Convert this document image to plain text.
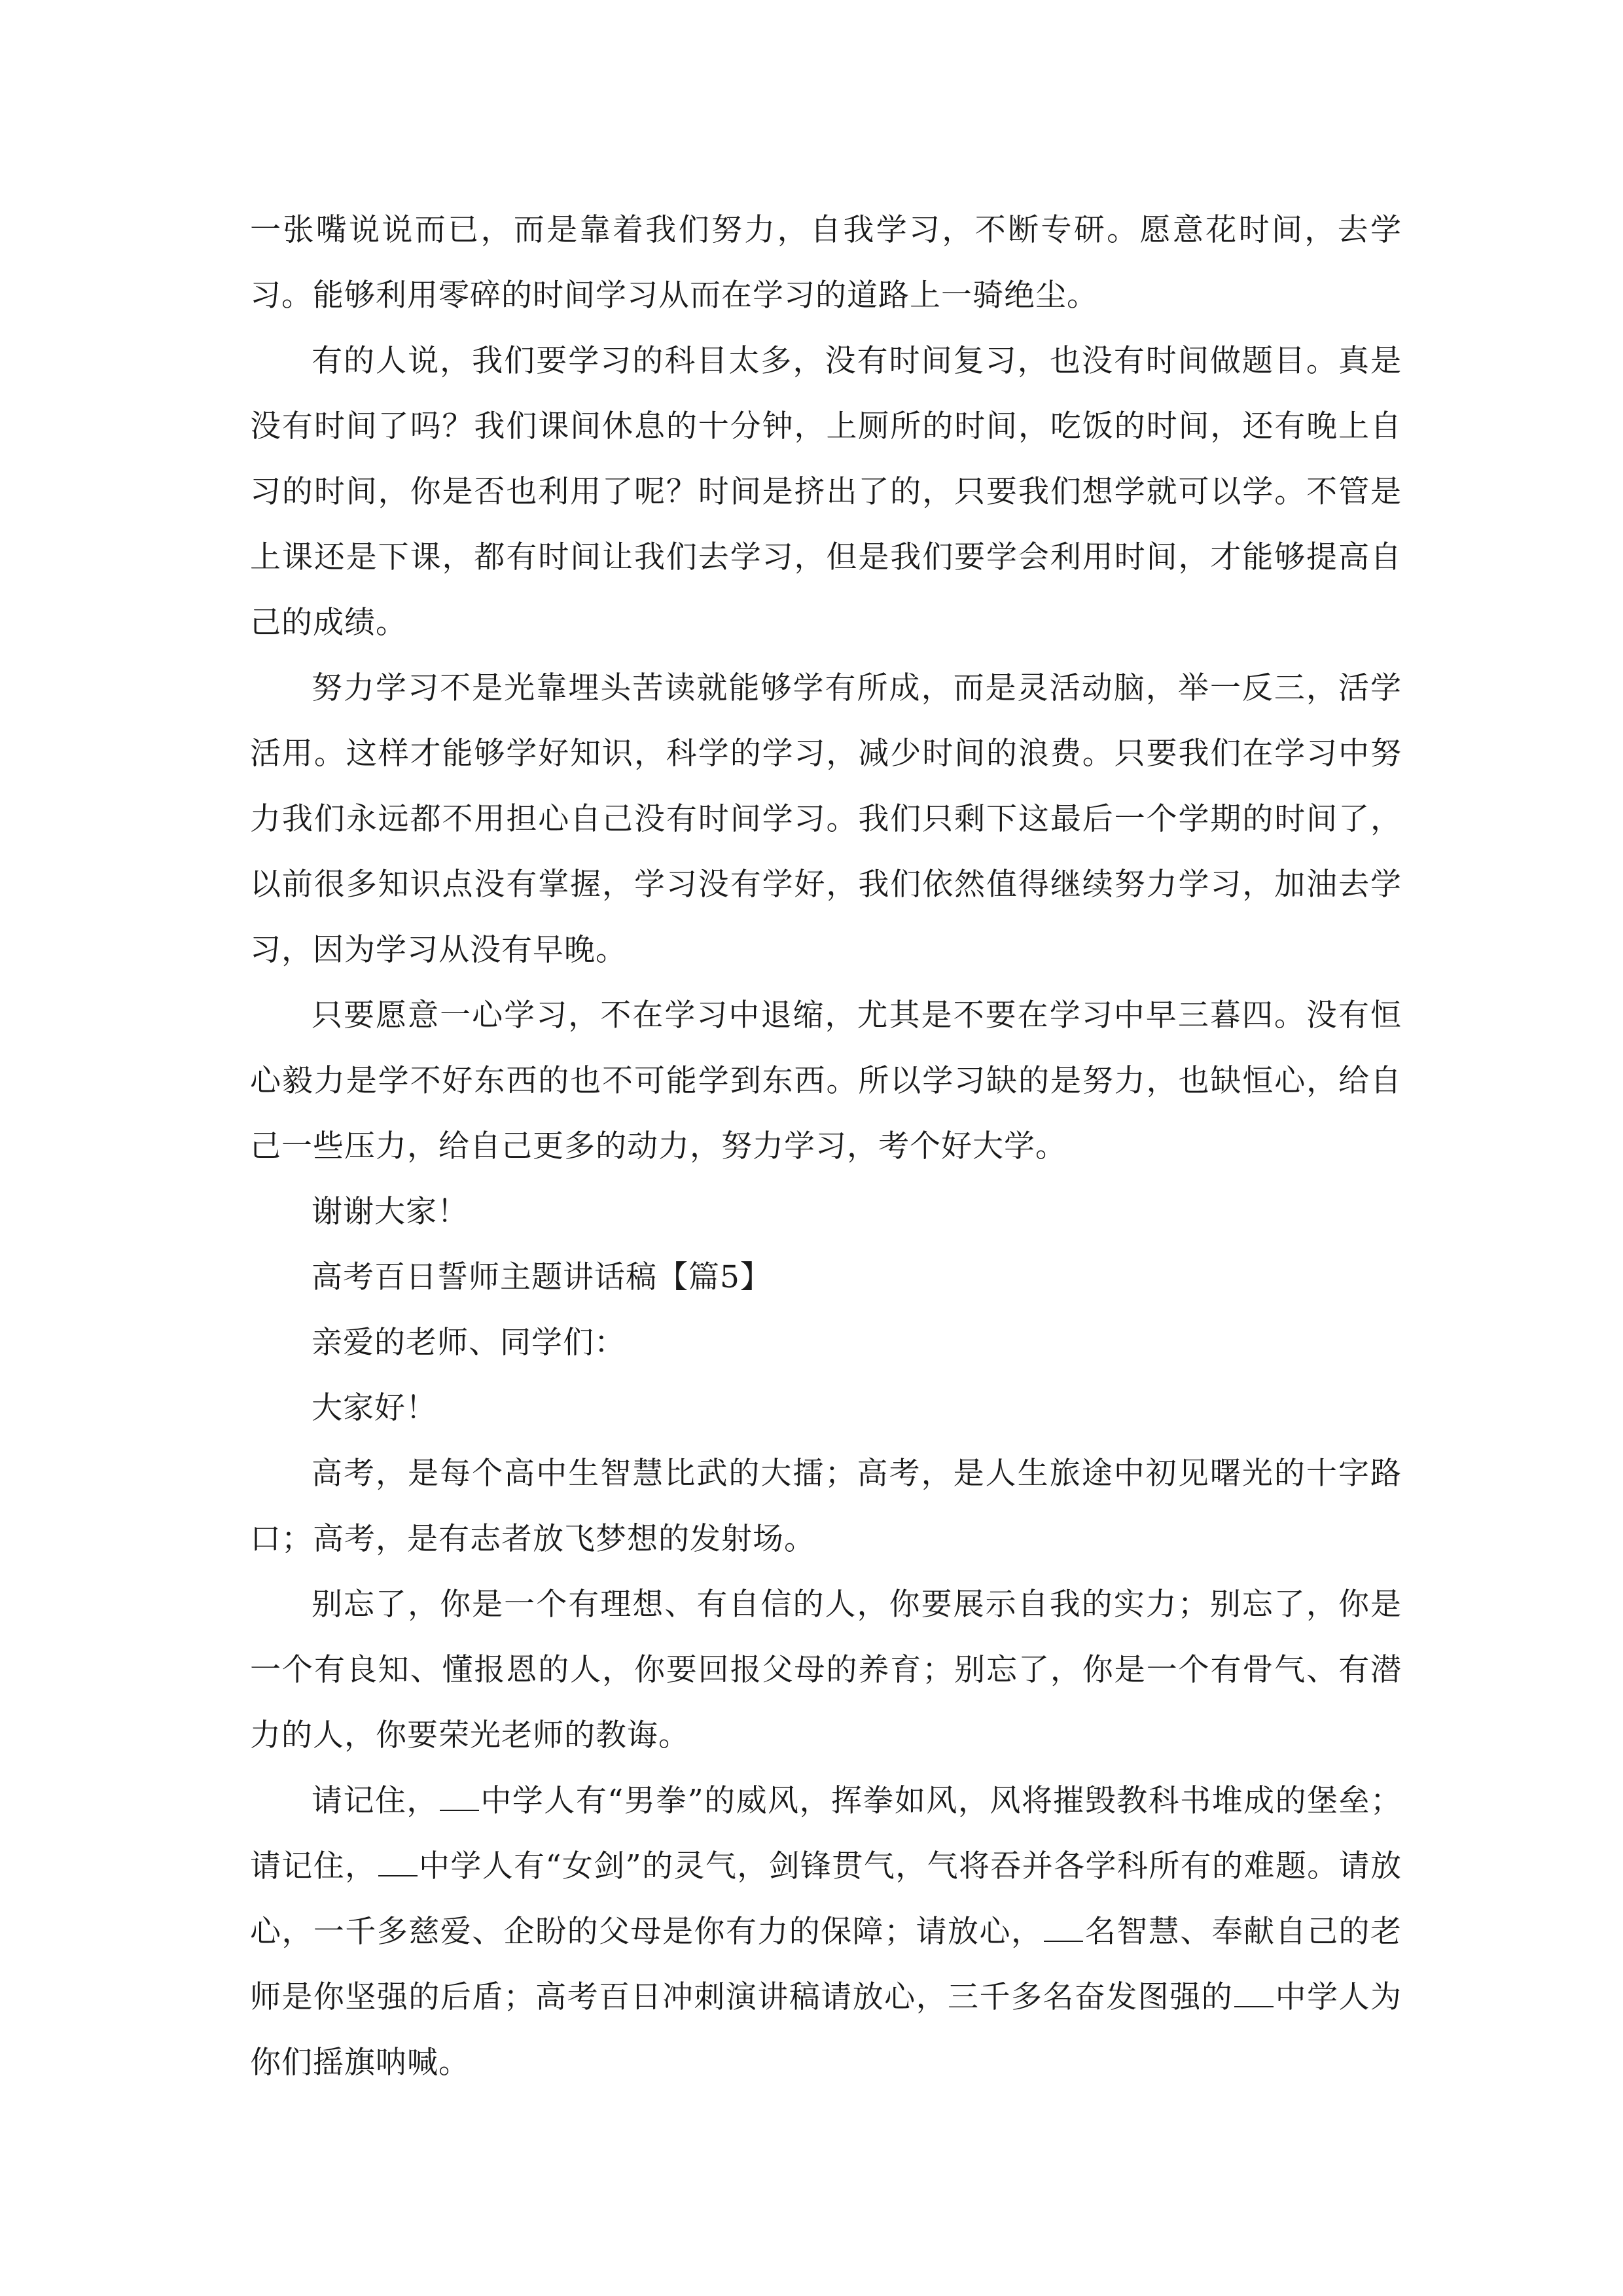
一张嘴说说而已，而是靠着我们努力，自我学习，不断专研。愿意花时间，去学习。能够利用零碎的时间学习从而在学习的道路上一骑绝尘。

有的人说，我们要学习的科目太多，没有时间复习，也没有时间做题目。真是没有时间了吗？我们课间休息的十分钟，上厕所的时间，吃饭的时间，还有晚上自习的时间，你是否也利用了呢？时间是挤出了的，只要我们想学就可以学。不管是上课还是下课，都有时间让我们去学习，但是我们要学会利用时间，才能够提高自己的成绩。

努力学习不是光靠埋头苦读就能够学有所成，而是灵活动脑，举一反三，活学活用。这样才能够学好知识，科学的学习，减少时间的浪费。只要我们在学习中努力我们永远都不用担心自己没有时间学习。我们只剩下这最后一个学期的时间了，以前很多知识点没有掌握，学习没有学好，我们依然值得继续努力学习，加油去学习，因为学习从没有早晚。

只要愿意一心学习，不在学习中退缩，尤其是不要在学习中早三暮四。没有恒心毅力是学不好东西的也不可能学到东西。所以学习缺的是努力，也缺恒心，给自己一些压力，给自己更多的动力，努力学习，考个好大学。

谢谢大家！

高考百日誓师主题讲话稿【篇5】

亲爱的老师、同学们：

大家好！

高考，是每个高中生智慧比武的大擂；高考，是人生旅途中初见曙光的十字路口；高考，是有志者放飞梦想的发射场。

别忘了，你是一个有理想、有自信的人，你要展示自我的实力；别忘了，你是一个有良知、懂报恩的人，你要回报父母的养育；别忘了，你是一个有骨气、有潜力的人，你要荣光老师的教诲。

请记住， 中学人有“男拳”的威风，挥拳如风，风将摧毁教科书堆成的堡垒；请记住， 中学人有“女剑”的灵气，剑锋贯气，气将吞并各学科所有的难题。请放心，一千多慈爱、企盼的父母是你有力的保障；请放心， 名智慧、奉献自己的老师是你坚强的后盾；高考百日冲刺演讲稿请放心，三千多名奋发图强的 中学人为你们摇旗呐喊。
